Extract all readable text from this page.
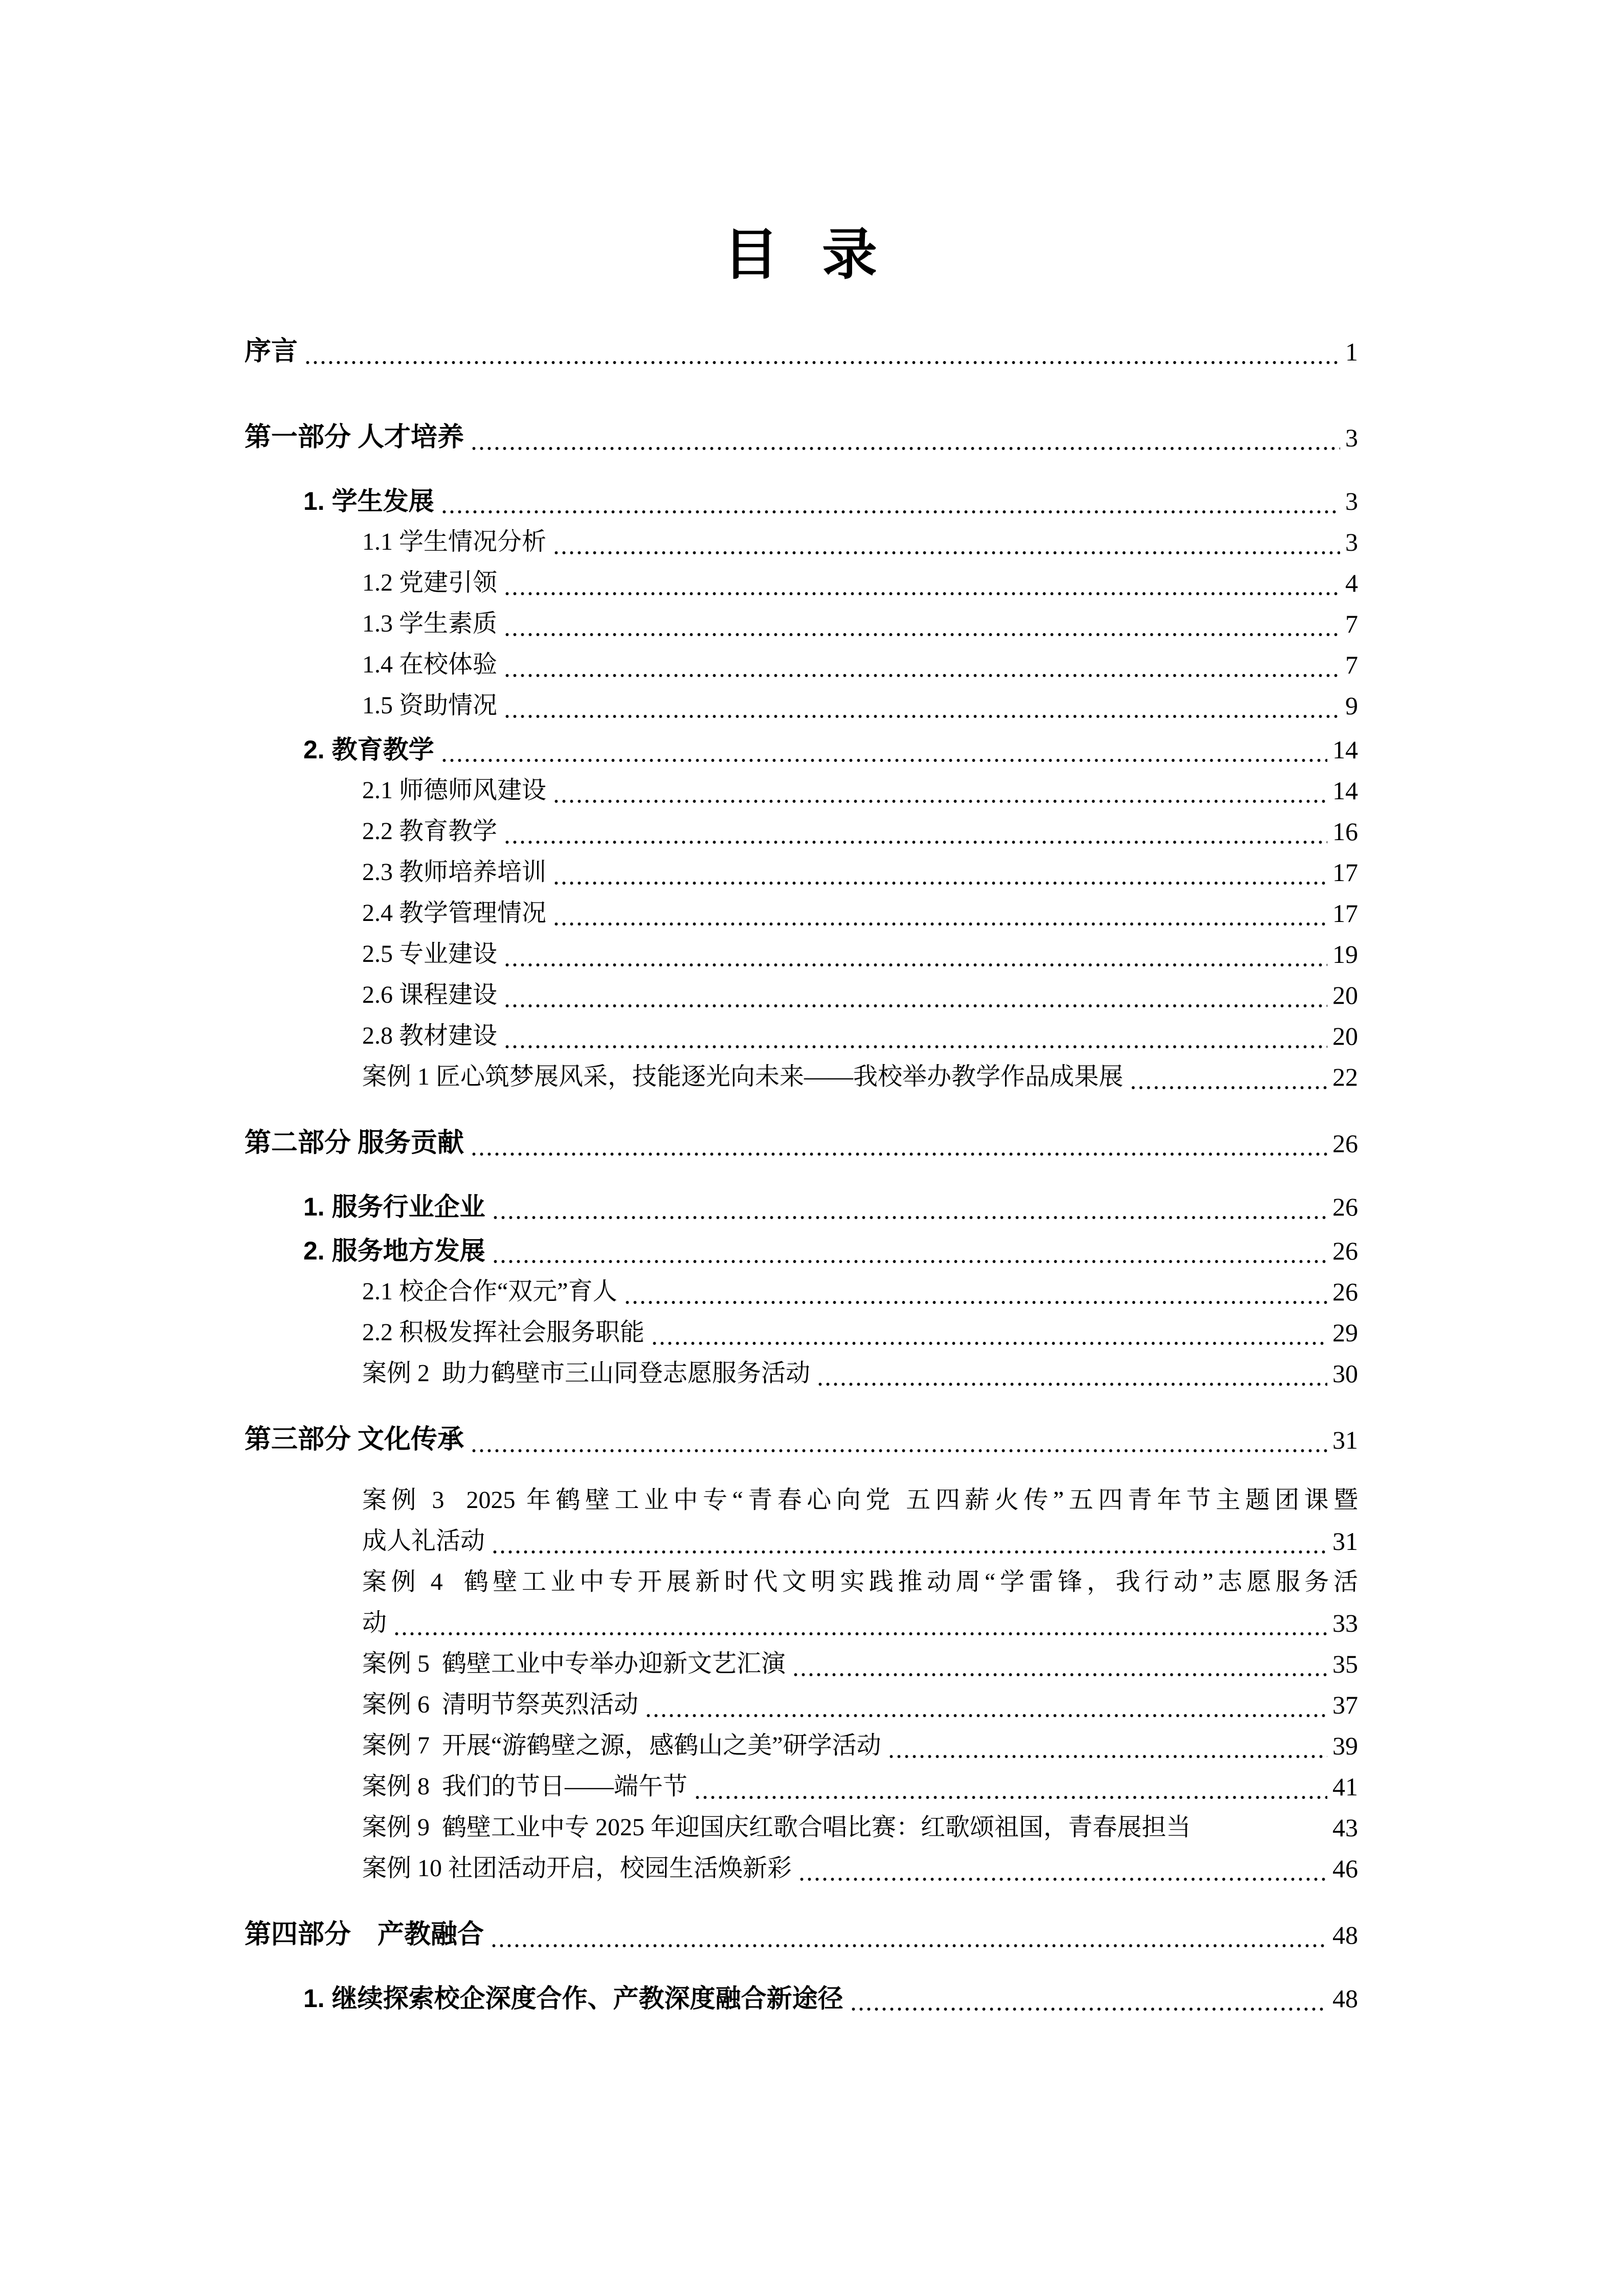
目 录
序言	1
第一部分 人才培养	3
1. 学生发展	3
1.1 学生情况分析	3
1.2 党建引领	4
1.3 学生素质	7
1.4 在校体验	7
1.5 资助情况	9
2. 教育教学	14
2.1 师德师风建设	14
2.2 教育教学	16
2.3 教师培养培训	17
2.4 教学管理情况	17
2.5 专业建设	19
2.6 课程建设	20
2.8 教材建设	20
案例 1 匠心筑梦展风采，技能逐光向未来——我校举办教学作品成果展	22
第二部分 服务贡献	26
1. 服务行业企业	26
2. 服务地方发展	26
2.1 校企合作“双元”育人	26
2.2 积极发挥社会服务职能	29
案例 2  助力鹤壁市三山同登志愿服务活动	30
第三部分 文化传承	31
案例 3  2025 年鹤壁工业中专“青春心向党 五四薪火传”五四青年节主题团课暨
成人礼活动	31
案例 4  鹤壁工业中专开展新时代文明实践推动周“学雷锋，我行动”志愿服务活
动	33
案例 5  鹤壁工业中专举办迎新文艺汇演	35
案例 6  清明节祭英烈活动	37
案例 7  开展“游鹤壁之源，感鹤山之美”研学活动	39
案例 8  我们的节日——端午节	41
案例 9  鹤壁工业中专 2025 年迎国庆红歌合唱比赛：红歌颂祖国，青春展担当	43
案例 10 社团活动开启，校园生活焕新彩	46
第四部分　产教融合	48
1. 继续探索校企深度合作、产教深度融合新途径	48
